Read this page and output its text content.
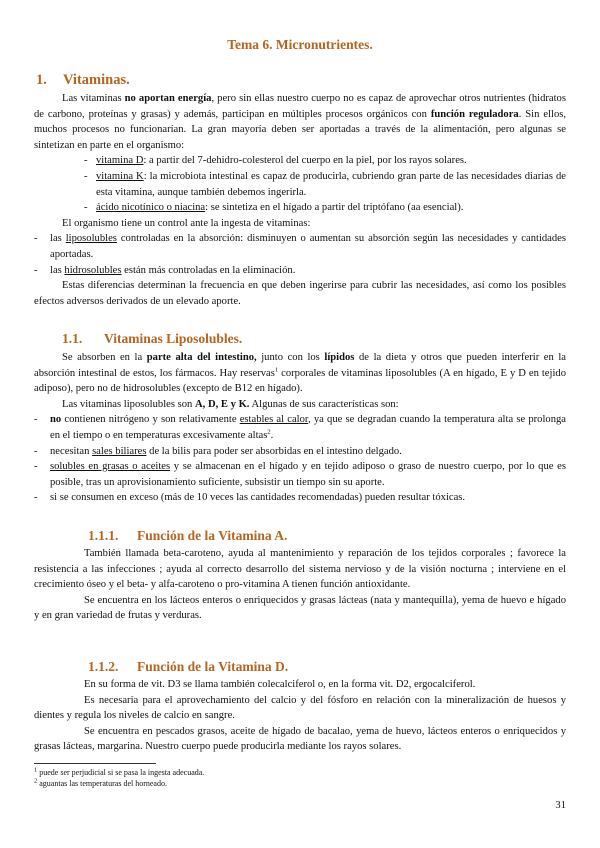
Tema 6. Micronutrientes.
1. Vitaminas.

Las vitaminas no aportan energía, pero sin ellas nuestro cuerpo no es capaz de aprovechar otros nutrientes (hidratos de carbono, proteínas y grasas) y además, participan en múltiples procesos orgánicos con función reguladora. Sin ellos, muchos procesos no funcionarían. La gran mayoría deben ser aportadas a través de la alimentación, pero algunas se sintetizan en parte en el organismo:

- vitamina D: a partir del 7-dehidro-colesterol del cuerpo en la piel, por los rayos solares.

- vitamina K: la microbiota intestinal es capaz de producirla, cubriendo gran parte de las necesidades diarias de esta vitamina, aunque también debemos ingerirla.

- ácido nicotínico o niacina: se sintetiza en el hígado a partir del triptófano (aa esencial).

El organismo tiene un control ante la ingesta de vitaminas:

- las liposolubles controladas en la absorción: disminuyen o aumentan su absorción según las necesidades y cantidades aportadas.

- las hidrosolubles están más controladas en la eliminación.

Estas diferencias determinan la frecuencia en que deben ingerirse para cubrir las necesidades, así como los posibles efectos adversos derivados de un elevado aporte.

1.1. Vitaminas Liposolubles.

Se absorben en la parte alta del intestino, junto con los lípidos de la dieta y otros que pueden interferir en la absorción intestinal de estos, los fármacos. Hay reservas$^1$ corporales de vitaminas liposolubles (A en hígado, E y D en tejido adiposo), pero no de hidrosolubles (excepto de B12 en hígado).

Las vitaminas liposolubles son A, D, E y K. Algunas de sus características son:

- no contienen nitrógeno y son relativamente estables al calor, ya que se degradan cuando la temperatura alta se prolonga en el tiempo o en temperaturas excesivamente altas$^2$.

- necesitan sales biliares de la bilis para poder ser absorbidas en el intestino delgado.

- solubles en grasas o aceites y se almacenan en el hígado y en tejido adiposo o graso de nuestro cuerpo, por lo que es posible, tras un aprovisionamiento suficiente, subsistir un tiempo sin su aporte.

- si se consumen en exceso (más de 10 veces las cantidades recomendadas) pueden resultar tóxicas.

1.1.1. Función de la Vitamina A.

También llamada beta-caroteno, ayuda al mantenimiento y reparación de los tejidos corporales ; favorece la resistencia a las infecciones ; ayuda al correcto desarrollo del sistema nervioso y de la visión nocturna ; interviene en el crecimiento óseo y el beta- y alfa-caroteno o pro-vitamina A tienen función antioxidante.

Se encuentra en los lácteos enteros o enriquecidos y grasas lácteas (nata y mantequilla), yema de huevo e hígado y en gran variedad de frutas y verduras.

1.1.2. Función de la Vitamina D.

En su forma de vit. D3 se llama también colecalciferol o, en la forma vit. D2, ergocalciferol.

Es necesaria para el aprovechamiento del calcio y del fósforo en relación con la mineralización de huesos y dientes y regula los niveles de calcio en sangre.

Se encuentra en pescados grasos, aceite de hígado de bacalao, yema de huevo, lácteos enteros o enriquecidos y grasas lácteas, margarina. Nuestro cuerpo puede producirla mediante los rayos solares.

$^1$ puede ser perjudicial si se pasa la ingesta adecuada.
$^2$ aguantas las temperaturas del horneado.
31
